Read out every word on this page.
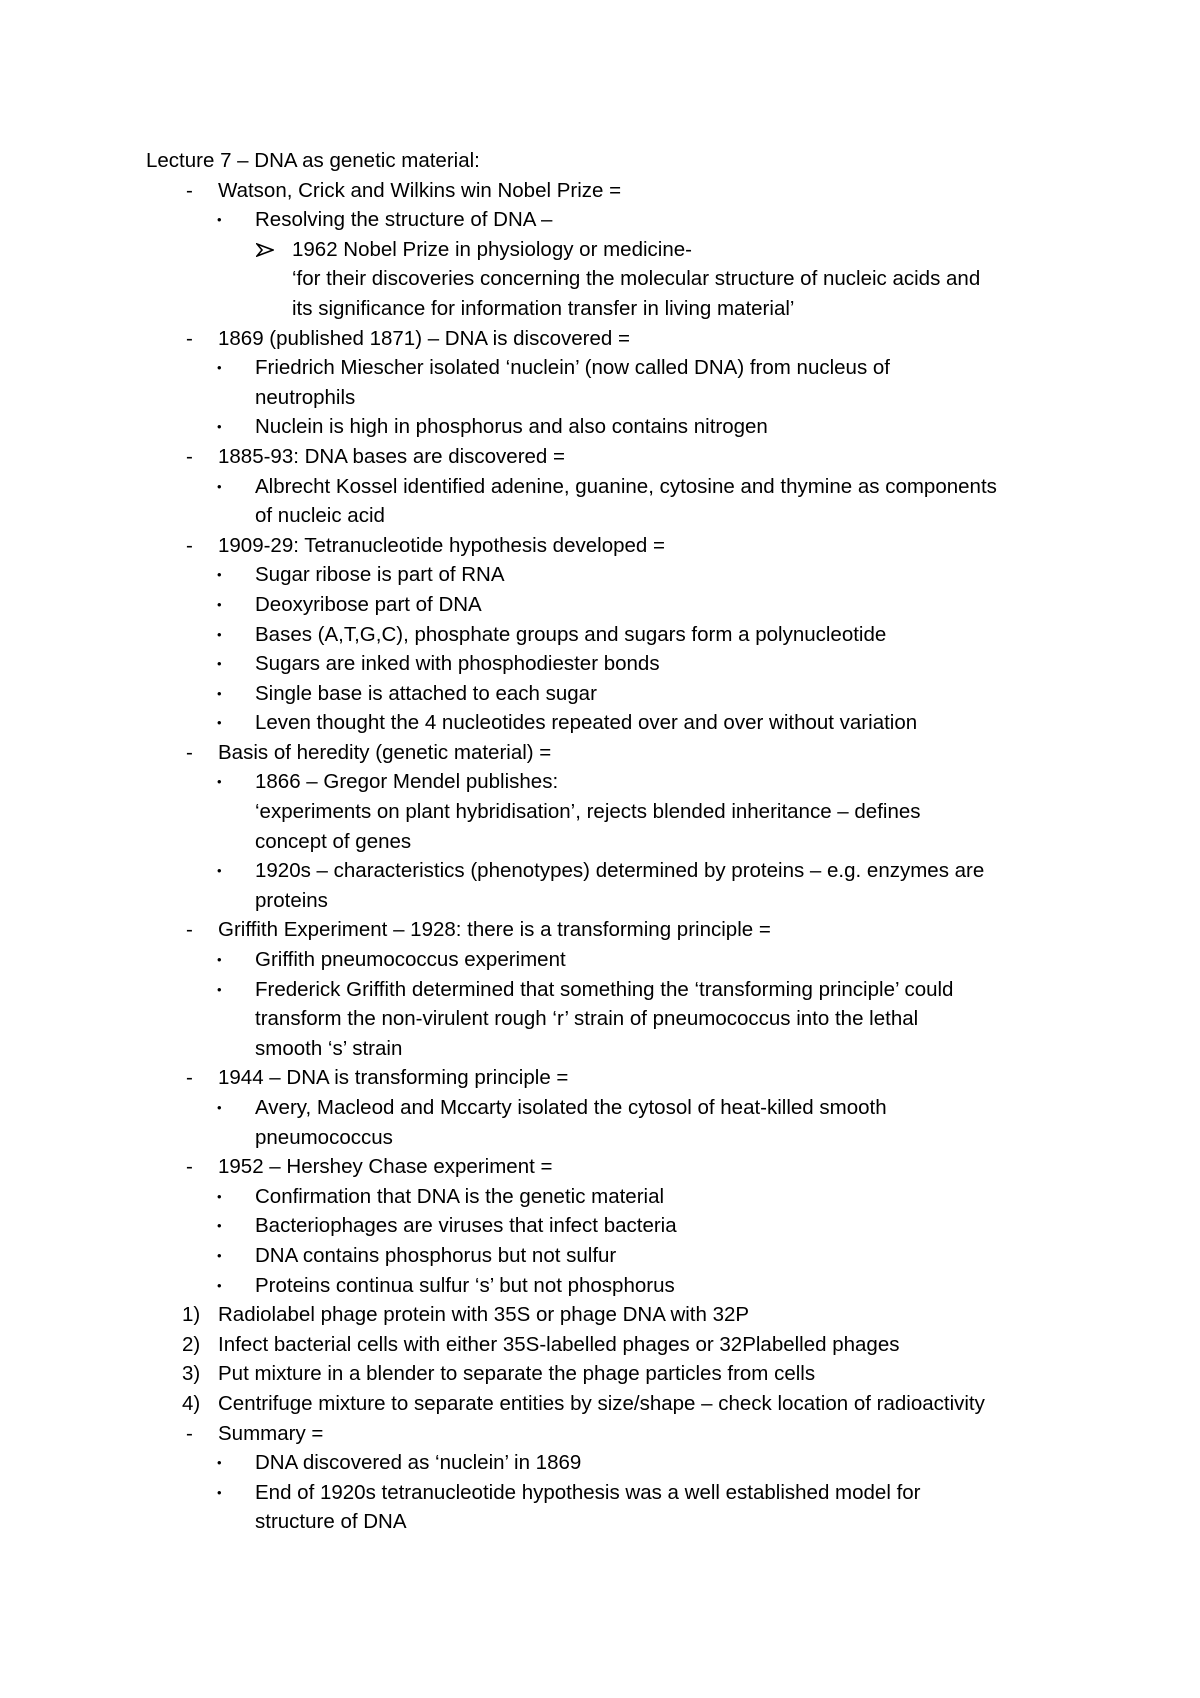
Lecture 7 – DNA as genetic material:
- Watson, Crick and Wilkins win Nobel Prize =
• Resolving the structure of DNA –
1962 Nobel Prize in physiology or medicine-
‘for their discoveries concerning the molecular structure of nucleic acids and
its significance for information transfer in living material’
- 1869 (published 1871) – DNA is discovered =
• Friedrich Miescher isolated ‘nuclein’ (now called DNA) from nucleus of
neutrophils
• Nuclein is high in phosphorus and also contains nitrogen
- 1885-93: DNA bases are discovered =
• Albrecht Kossel identified adenine, guanine, cytosine and thymine as components
of nucleic acid
- 1909-29: Tetranucleotide hypothesis developed =
• Sugar ribose is part of RNA
• Deoxyribose part of DNA
• Bases (A,T,G,C), phosphate groups and sugars form a polynucleotide
• Sugars are inked with phosphodiester bonds
• Single base is attached to each sugar
• Leven thought the 4 nucleotides repeated over and over without variation
- Basis of heredity (genetic material) =
• 1866 – Gregor Mendel publishes:
‘experiments on plant hybridisation’, rejects blended inheritance – defines
concept of genes
• 1920s – characteristics (phenotypes) determined by proteins – e.g. enzymes are
proteins
- Griffith Experiment – 1928: there is a transforming principle =
• Griffith pneumococcus experiment
• Frederick Griffith determined that something the ‘transforming principle’ could
transform the non-virulent rough ‘r’ strain of pneumococcus into the lethal
smooth ‘s’ strain
- 1944 – DNA is transforming principle =
• Avery, Macleod and Mccarty isolated the cytosol of heat-killed smooth
pneumococcus
- 1952 – Hershey Chase experiment =
• Confirmation that DNA is the genetic material
• Bacteriophages are viruses that infect bacteria
• DNA contains phosphorus but not sulfur
• Proteins continua sulfur ‘s’ but not phosphorus
1) Radiolabel phage protein with 35S or phage DNA with 32P
2) Infect bacterial cells with either 35S-labelled phages or 32Plabelled phages
3) Put mixture in a blender to separate the phage particles from cells
4) Centrifuge mixture to separate entities by size/shape – check location of radioactivity
- Summary =
• DNA discovered as ‘nuclein’ in 1869
• End of 1920s tetranucleotide hypothesis was a well established model for
structure of DNA
